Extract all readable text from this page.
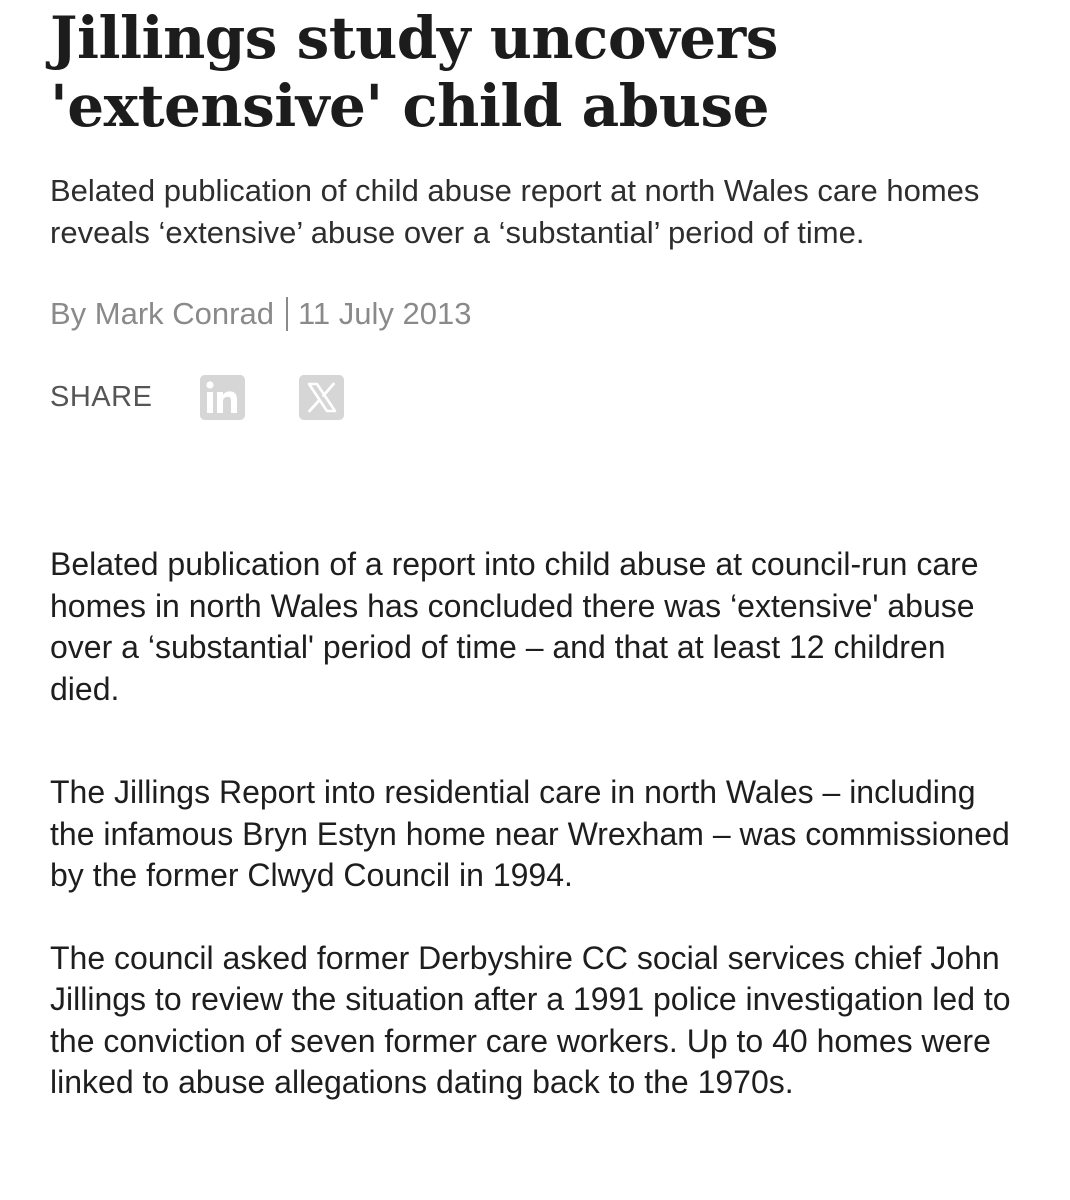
Jillings study uncovers 'extensive' child abuse

Belated publication of child abuse report at north Wales care homes reveals ‘extensive’ abuse over a ‘substantial’ period of time.

By Mark Conrad 11 July 2013
SHARE

Belated publication of a report into child abuse at council-run care homes in north Wales has concluded there was ‘extensive' abuse over a ‘substantial' period of time – and that at least 12 children died.

The Jillings Report into residential care in north Wales – including the infamous Bryn Estyn home near Wrexham – was commissioned by the former Clwyd Council in 1994.

The council asked former Derbyshire CC social services chief John Jillings to review the situation after a 1991 police investigation led to the conviction of seven former care workers. Up to 40 homes were linked to abuse allegations dating back to the 1970s.
